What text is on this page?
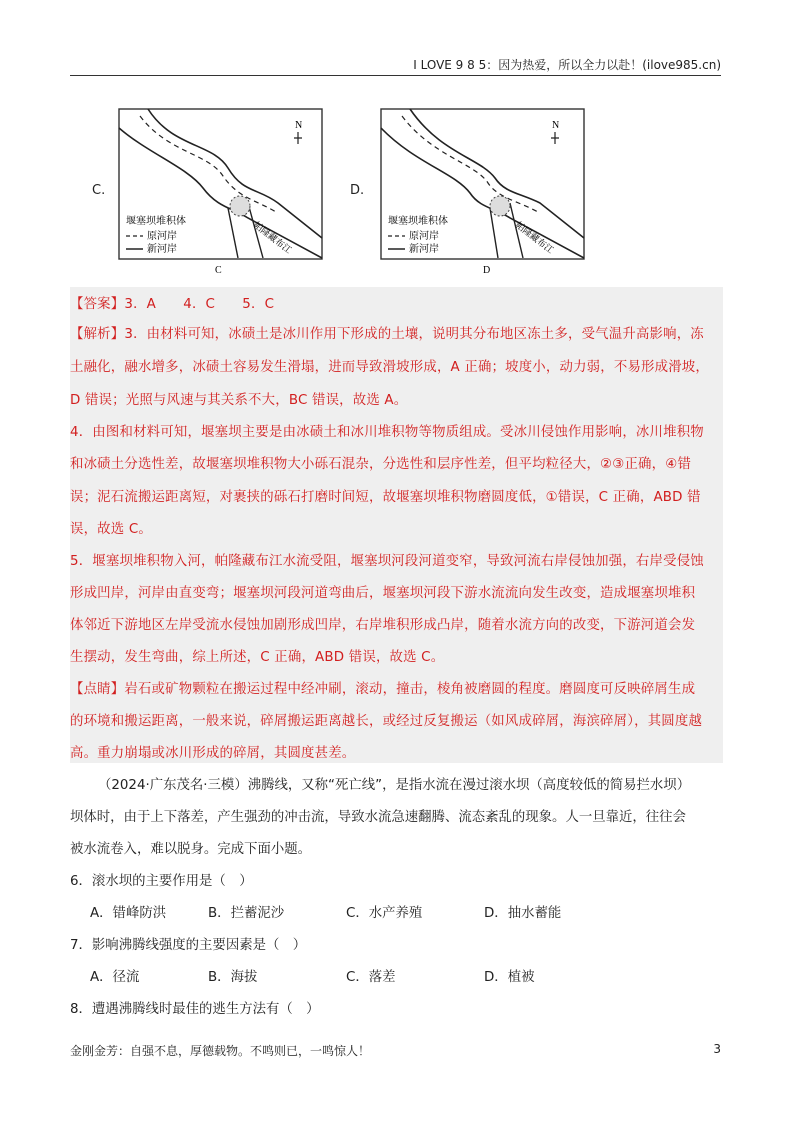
I LOVE 9 8 5：因为热爱，所以全力以赴！(ilove985.cn)
C.
N
帕隆藏布江
堰塞坝堆积体
原河岸
新河岸
C
D.
N
帕隆藏布江
堰塞坝堆积体
原河岸
新河岸
D
【答案】3．A　　4．C　　5．C
【解析】3．由材料可知，冰碛土是冰川作用下形成的土壤，说明其分布地区冻土多，受气温升高影响，冻
土融化，融水增多，冰碛土容易发生滑塌，进而导致滑坡形成，A 正确；坡度小，动力弱，不易形成滑坡，
D 错误；光照与风速与其关系不大，BC 错误，故选 A。
4．由图和材料可知，堰塞坝主要是由冰碛土和冰川堆积物等物质组成。受冰川侵蚀作用影响，冰川堆积物
和冰碛土分选性差，故堰塞坝堆积物大小砾石混杂，分选性和层序性差，但平均粒径大，②③正确，④错
误；泥石流搬运距离短，对裹挟的砾石打磨时间短，故堰塞坝堆积物磨圆度低，①错误，C 正确，ABD 错
误，故选 C。
5．堰塞坝堆积物入河，帕隆藏布江水流受阻，堰塞坝河段河道变窄，导致河流右岸侵蚀加强，右岸受侵蚀
形成凹岸，河岸由直变弯；堰塞坝河段河道弯曲后，堰塞坝河段下游水流流向发生改变，造成堰塞坝堆积
体邻近下游地区左岸受流水侵蚀加剧形成凹岸，右岸堆积形成凸岸，随着水流方向的改变，下游河道会发
生摆动，发生弯曲，综上所述，C 正确，ABD 错误，故选 C。
【点睛】岩石或矿物颗粒在搬运过程中经冲刷，滚动，撞击，棱角被磨圆的程度。磨圆度可反映碎屑生成
的环境和搬运距离，一般来说，碎屑搬运距离越长，或经过反复搬运（如风成碎屑，海滨碎屑），其圆度越
高。重力崩塌或冰川形成的碎屑，其圆度甚差。
（2024·广东茂名·三模）沸腾线，又称“死亡线”，是指水流在漫过滚水坝（高度较低的简易拦水坝）
坝体时，由于上下落差，产生强劲的冲击流，导致水流急速翻腾、流态紊乱的现象。人一旦靠近，往往会
被水流卷入，难以脱身。完成下面小题。
6．滚水坝的主要作用是（　）
A．错峰防洪	B．拦蓄泥沙	C．水产养殖	D．抽水蓄能
7．影响沸腾线强度的主要因素是（　）
A．径流	B．海拔	C．落差	D．植被
8．遭遇沸腾线时最佳的逃生方法有（　）
金刚金芳：自强不息，厚德载物。不鸣则已，一鸣惊人！	3
